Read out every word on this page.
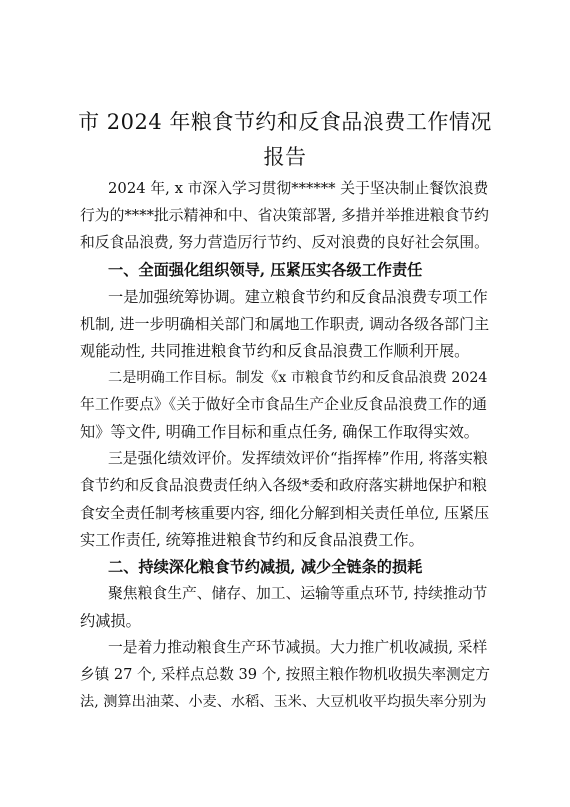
市 2024 年粮食节约和反食品浪费工作情况
报告
2024 年, x 市深入学习贯彻****** 关于坚决制止餐饮浪费
行为的****批示精神和中、省决策部署, 多措并举推进粮食节约
和反食品浪费, 努力营造厉行节约、反对浪费的良好社会氛围。
一、全面强化组织领导, 压紧压实各级工作责任
一是加强统筹协调。建立粮食节约和反食品浪费专项工作
机制, 进一步明确相关部门和属地工作职责, 调动各级各部门主
观能动性, 共同推进粮食节约和反食品浪费工作顺利开展。
二是明确工作目标。制发《x 市粮食节约和反食品浪费 2024
年工作要点》《关于做好全市食品生产企业反食品浪费工作的通
知》等文件, 明确工作目标和重点任务, 确保工作取得实效。
三是强化绩效评价。发挥绩效评价“指挥棒”作用, 将落实粮
食节约和反食品浪费责任纳入各级*委和政府落实耕地保护和粮
食安全责任制考核重要内容, 细化分解到相关责任单位, 压紧压
实工作责任, 统筹推进粮食节约和反食品浪费工作。
二、持续深化粮食节约减损, 减少全链条的损耗
聚焦粮食生产、储存、加工、运输等重点环节, 持续推动节
约减损。
一是着力推动粮食生产环节减损。大力推广机收减损, 采样
乡镇 27 个, 采样点总数 39 个, 按照主粮作物机收损失率测定方
法, 测算出油菜、小麦、水稻、玉米、大豆机收平均损失率分别为
